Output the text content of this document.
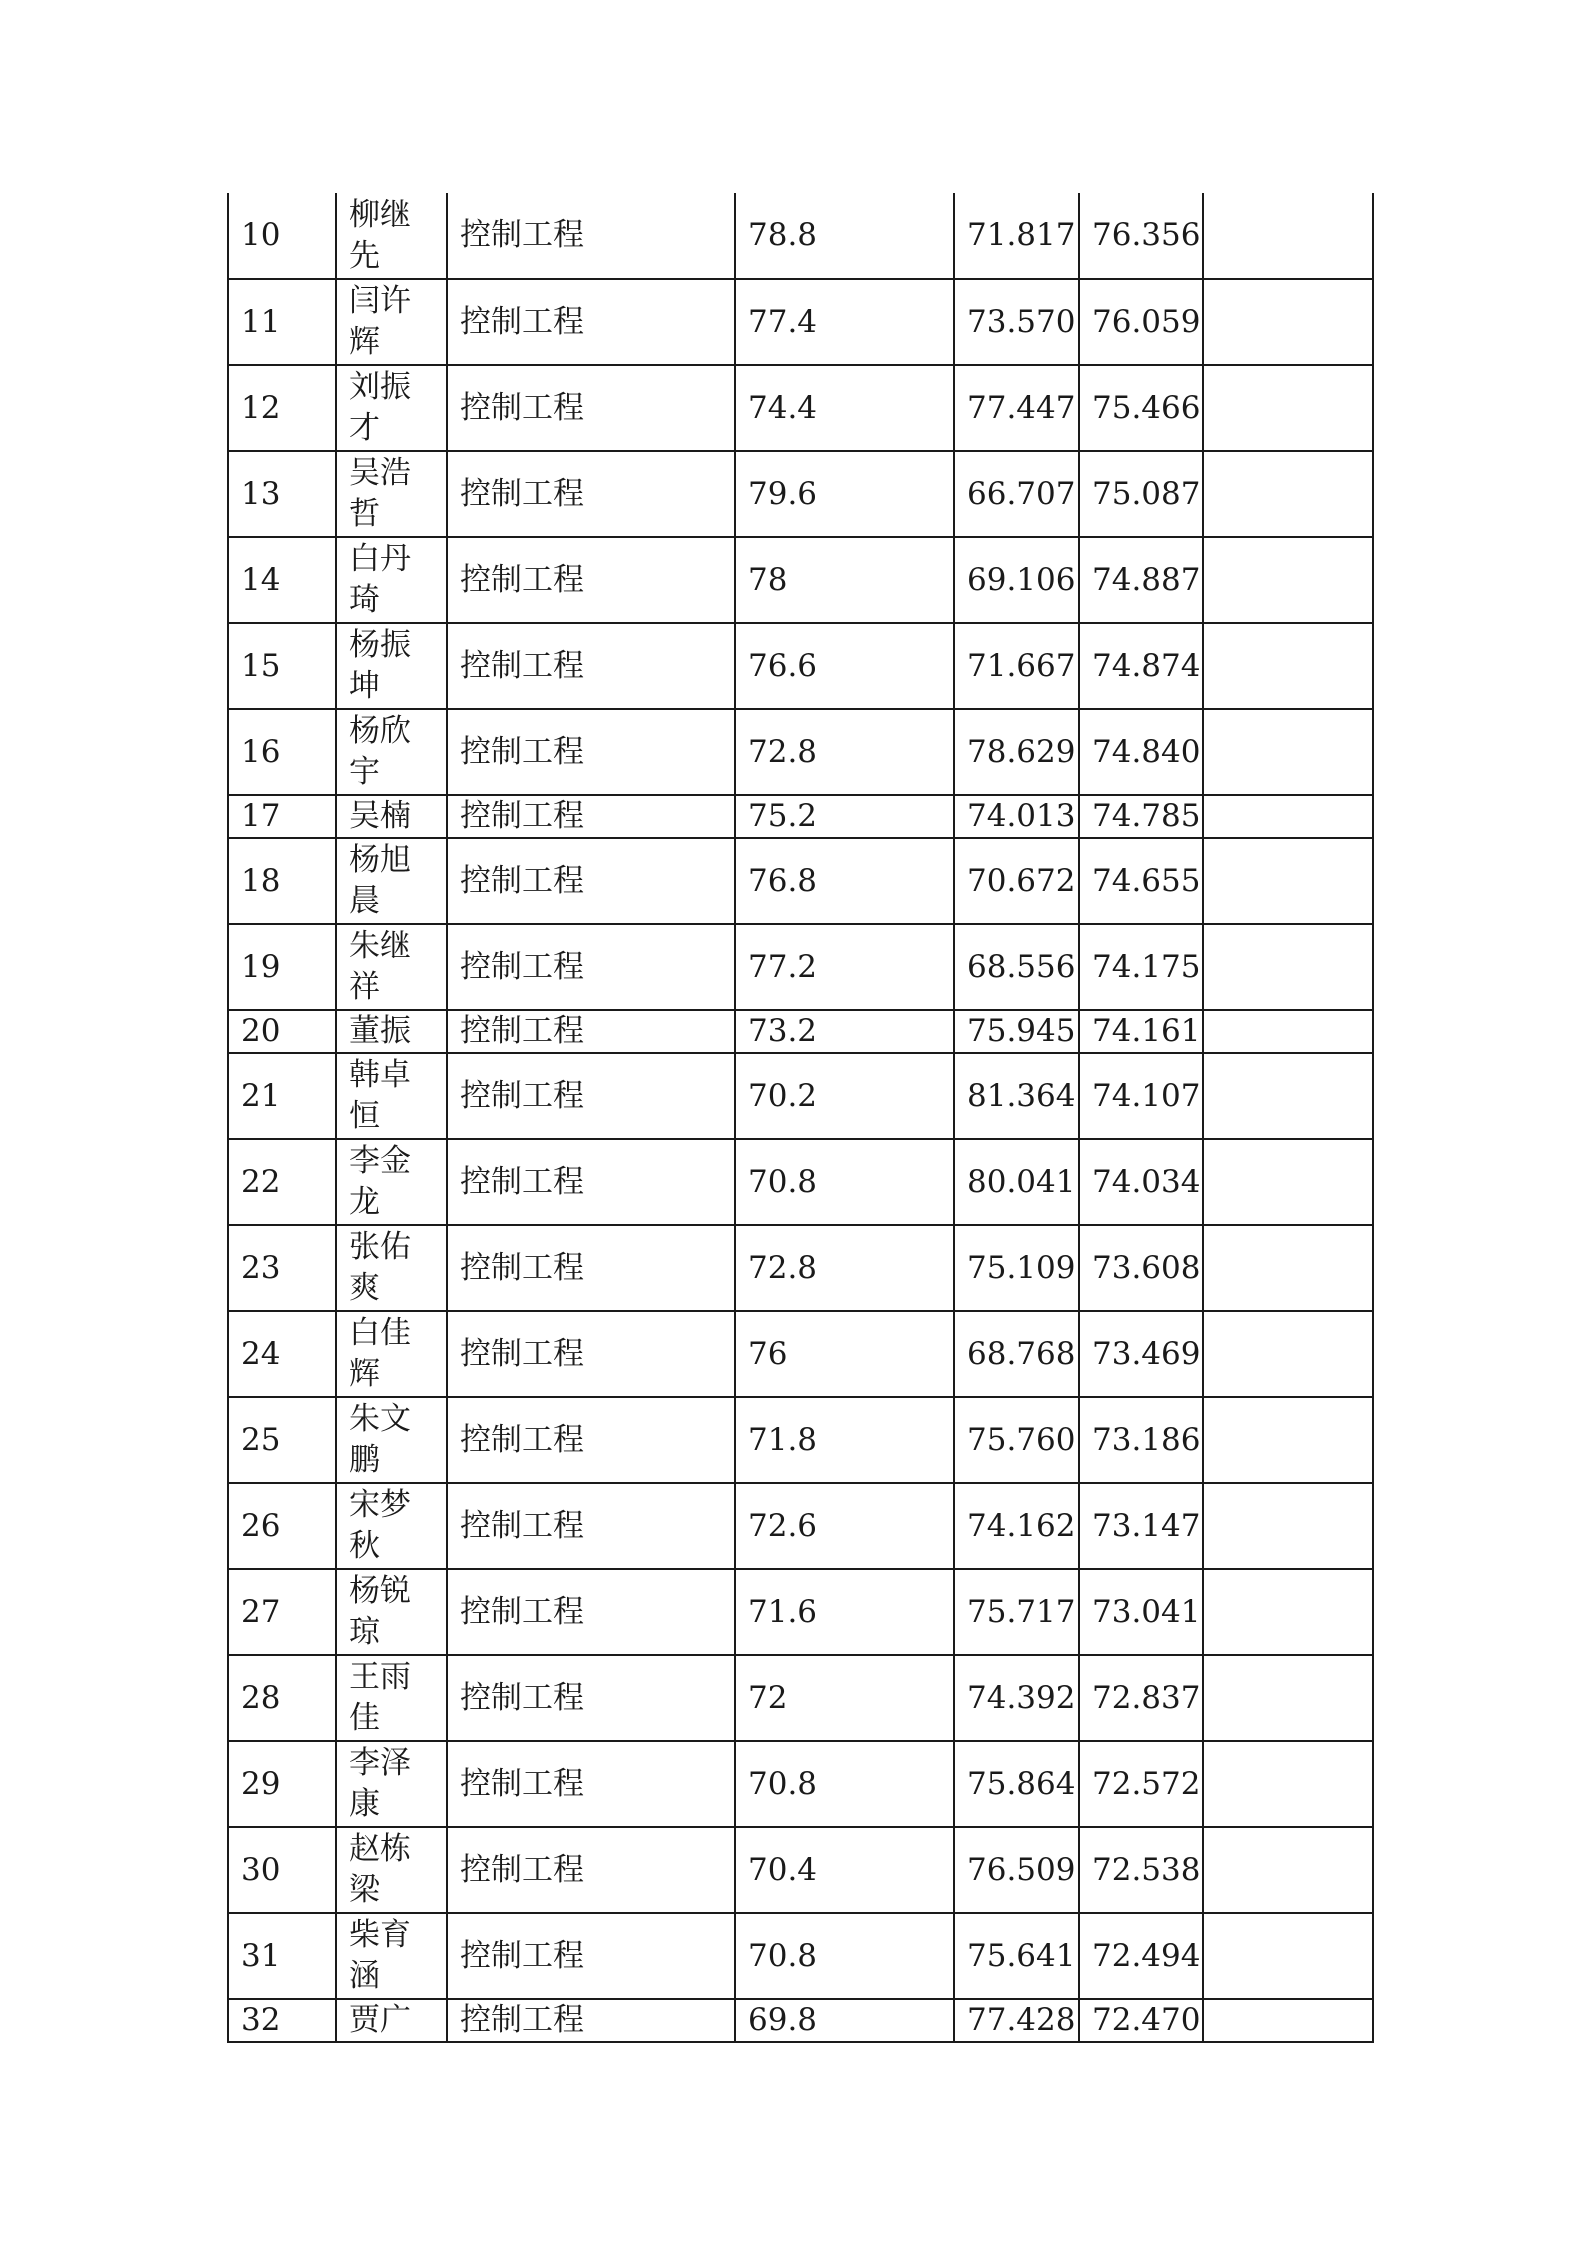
10	柳继先	控制工程	78.8	71.817	76.356	
11	闫许辉	控制工程	77.4	73.570	76.059	
12	刘振才	控制工程	74.4	77.447	75.466	
13	吴浩哲	控制工程	79.6	66.707	75.087	
14	白丹琦	控制工程	78	69.106	74.887	
15	杨振坤	控制工程	76.6	71.667	74.874	
16	杨欣宇	控制工程	72.8	78.629	74.840	
17	吴楠	控制工程	75.2	74.013	74.785	
18	杨旭晨	控制工程	76.8	70.672	74.655	
19	朱继祥	控制工程	77.2	68.556	74.175	
20	董振	控制工程	73.2	75.945	74.161	
21	韩卓恒	控制工程	70.2	81.364	74.107	
22	李金龙	控制工程	70.8	80.041	74.034	
23	张佑爽	控制工程	72.8	75.109	73.608	
24	白佳辉	控制工程	76	68.768	73.469	
25	朱文鹏	控制工程	71.8	75.760	73.186	
26	宋梦秋	控制工程	72.6	74.162	73.147	
27	杨锐琼	控制工程	71.6	75.717	73.041	
28	王雨佳	控制工程	72	74.392	72.837	
29	李泽康	控制工程	70.8	75.864	72.572	
30	赵栋梁	控制工程	70.4	76.509	72.538	
31	柴育涵	控制工程	70.8	75.641	72.494	
32	贾广	控制工程	69.8	77.428	72.470	
